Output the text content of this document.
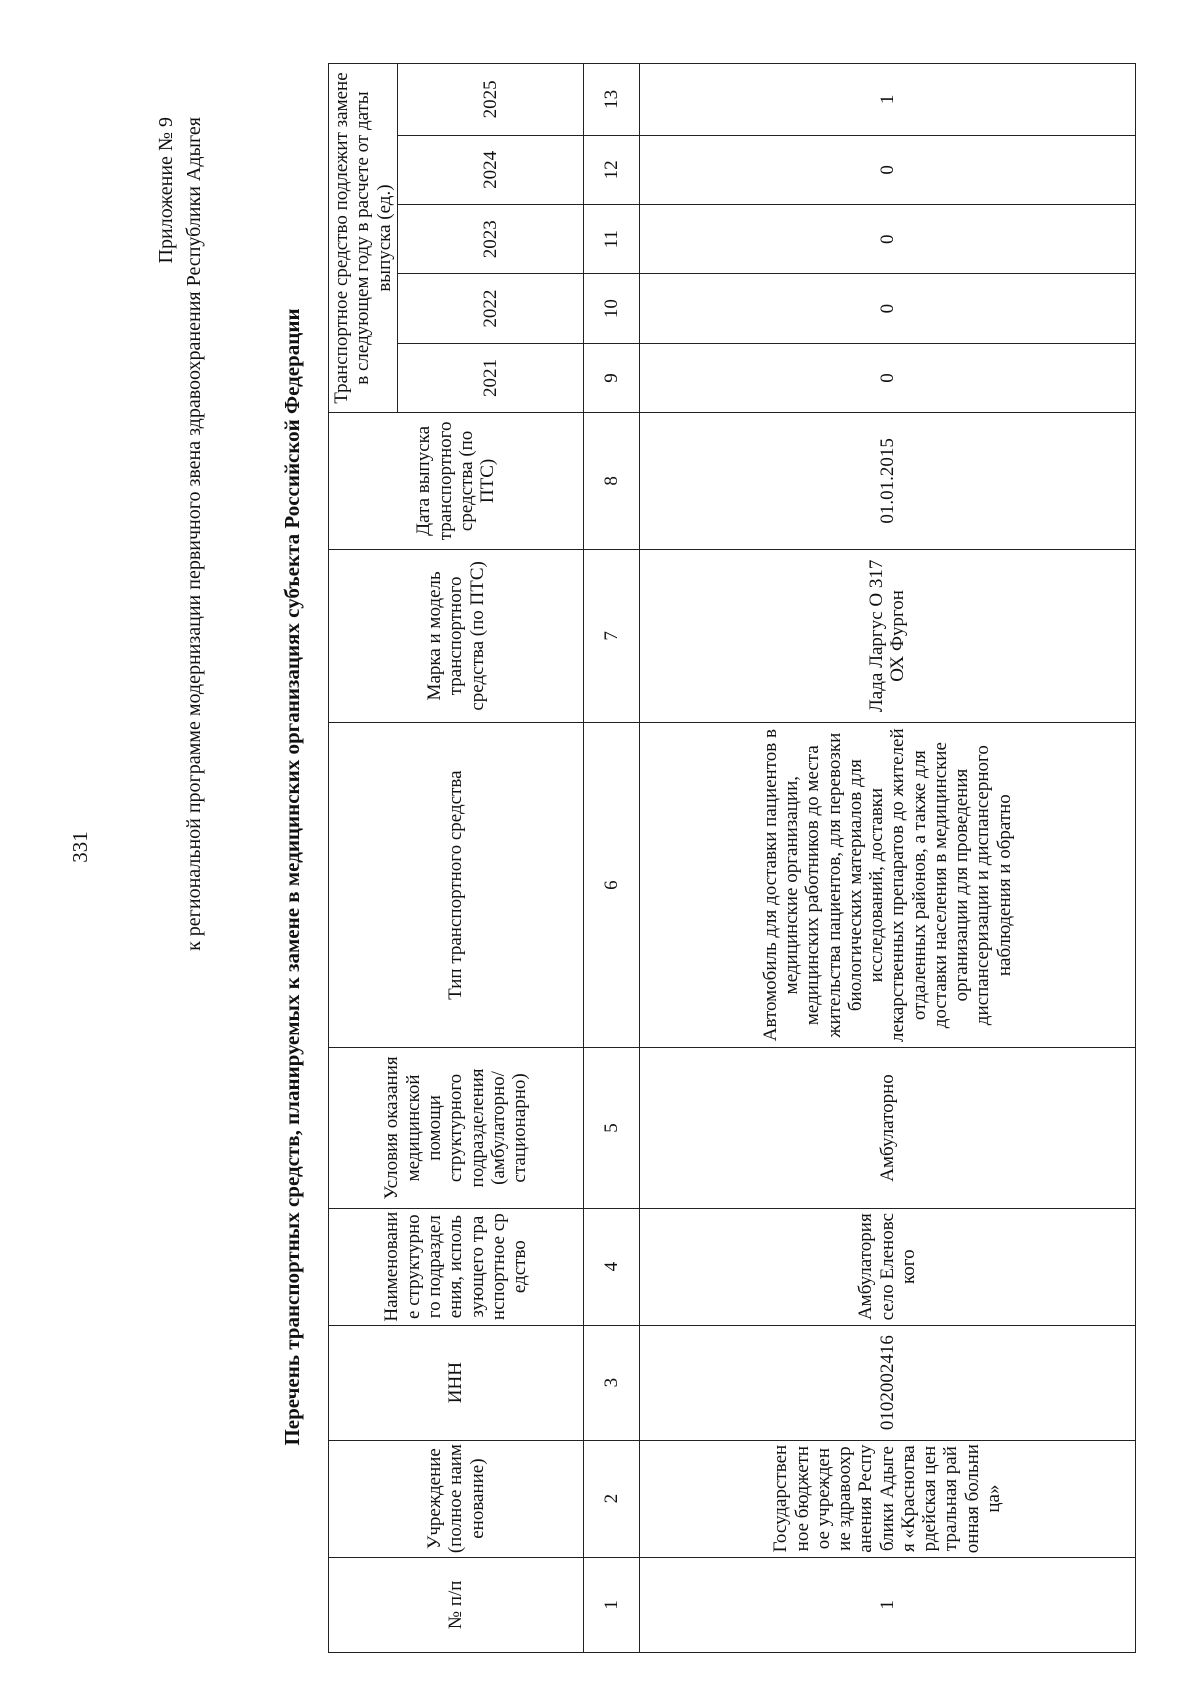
331
Приложение № 9 к региональной программе модернизации первичного звена здравоохранения Республики Адыгея	Перечень транспортных средств, планируемых к замене в медицинских организациях субъекта Российской Федерации
№ п/п	Учреждение (полное наименование)	ИНН	Наименование структурного подразделения, использующего транспортное средство	Условия оказания медицинской помощи структурного подразделения (амбулаторно/ стационарно)	Тип транспортного средства	Марка и модель транспортного средства (по ПТС)	Дата выпуска транспортного средства (по ПТС)	Транспортное средство подлежит замене в следующем году в расчете от даты выпуска (ед.)				
								2021	2022	2023	2024	2025
1	2	3	4	5	6	7	8	9	10	11	12	13
1	Государственное бюджетное учреждение здравоохранения Республики Адыгея «Красногвардейская центральная районная больница»	0102002416	Амбулатория село Еленовского	Амбулаторно	Автомобиль для доставки пациентов в медицинские организации, медицинских работников до места жительства пациентов, для перевозки биологических материалов для исследований, доставки лекарственных препаратов до жителей отдаленных районов, а также для доставки населения в медицинские организации для проведения диспансеризации и диспансерного наблюдения и обратно	Лада Ларгус О 317 ОХ Фургон	01.01.2015	0	0	0	0	1
